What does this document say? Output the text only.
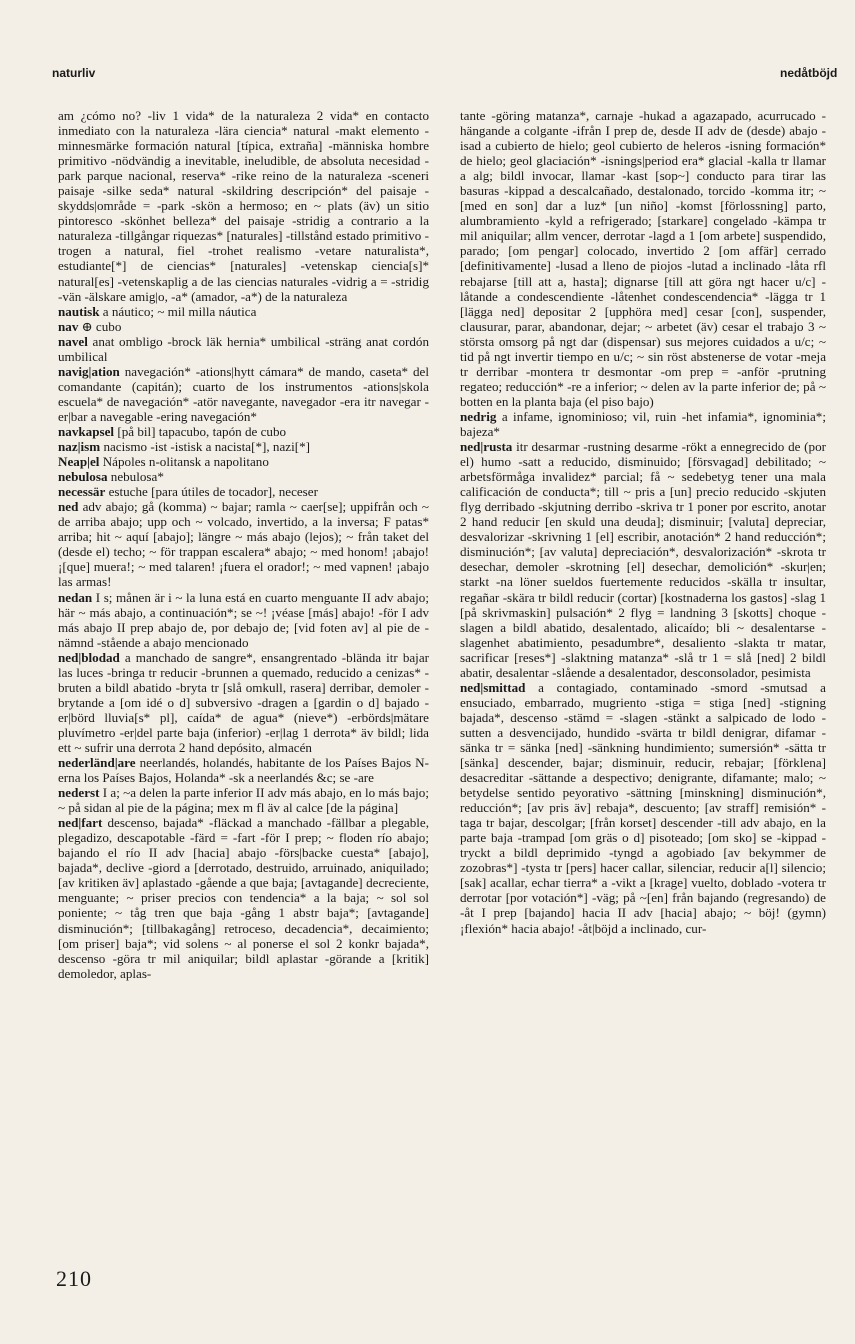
naturliv	nedåtböjd

am ¿cómo no? -liv 1 vida* de la naturaleza 2 vida* en contacto inmediato con la naturaleza -lära ciencia* natural -makt elemento -minnesmärke formación natural [típica, extraña] -människa hombre primitivo -nödvändig a inevitable, ineludible, de absoluta necesidad -park parque nacional, reserva* -rike reino de la naturaleza -sceneri paisaje -silke seda* natural -skildring descripción* del paisaje -skydds|område = -park -skön a hermoso; en ~ plats (äv) un sitio pintoresco -skönhet belleza* del paisaje -stridig a contrario a la naturaleza -tillgångar riquezas* [naturales] -tillstånd estado primitivo -trogen a natural, fiel -trohet realismo -vetare naturalista*, estudiante[*] de ciencias* [naturales] -vetenskap ciencia[s]* natural[es] -vetenskaplig a de las ciencias naturales -vidrig a = -stridig -vän -älskare amig|o, -a* (amador, -a*) de la naturaleza

nautisk a náutico; ~ mil milla náutica

nav ⊕ cubo

navel anat ombligo -brock läk hernia* umbilical -sträng anat cordón umbilical

navig|ation navegación* -ations|hytt cámara* de mando, caseta* del comandante (capitán); cuarto de los instrumentos -ations|skola escuela* de navegación* -atör navegante, navegador -era itr navegar -er|bar a navegable -ering navegación*

navkapsel [på bil] tapacubo, tapón de cubo

naz|ism nacismo -ist -istisk a nacista[*], nazi[*]

Neap|el Nápoles n-olitansk a napolitano

nebulosa nebulosa*

necessär estuche [para útiles de tocador], neceser

ned adv abajo; gå (komma) ~ bajar; ramla ~ caer[se]; uppifrån och ~ de arriba abajo; upp och ~ volcado, invertido, a la inversa; F patas* arriba; hit ~ aquí [abajo]; längre ~ más abajo (lejos); ~ från taket del (desde el) techo; ~ för trappan escalera* abajo; ~ med honom! ¡abajo! ¡[que] muera!; ~ med talaren! ¡fuera el orador!; ~ med vapnen! ¡abajo las armas!

nedan I s; månen är i ~ la luna está en cuarto menguante II adv abajo; här ~ más abajo, a continuación*; se ~! ¡véase [más] abajo! -för I adv más abajo II prep abajo de, por debajo de; [vid foten av] al pie de -nämnd -stående a abajo mencionado

ned|blodad a manchado de sangre*, ensangrentado -blända itr bajar las luces -bringa tr reducir -brunnen a quemado, reducido a cenizas* -bruten a bildl abatido -bryta tr [slå omkull, rasera] derribar, demoler -brytande a [om idé o d] subversivo -dragen a [gardin o d] bajado -er|börd lluvia[s* pl], caída* de agua* (nieve*) -erbörds|mätare pluvímetro -er|del parte baja (inferior) -er|lag 1 derrota* äv bildl; lida ett ~ sufrir una derrota 2 hand depósito, almacén

nederländ|are neerlandés, holandés, habitante de los Países Bajos N-erna los Países Bajos, Holanda* -sk a neerlandés &c; se -are

nederst I a; ~a delen la parte inferior II adv más abajo, en lo más bajo; ~ på sidan al pie de la página; mex m fl äv al calce [de la página]

ned|fart descenso, bajada* -fläckad a manchado -fällbar a plegable, plegadizo, descapotable -färd = -fart -för I prep; ~ floden río abajo; bajando el río II adv [hacia] abajo -förs|backe cuesta* [abajo], bajada*, declive -giord a [derrotado, destruido, arruinado, aniquilado; [av kritiken äv] aplastado -gående a que baja; [avtagande] decreciente, menguante; ~ priser precios con tendencia* a la baja; ~ sol sol poniente; ~ tåg tren que baja -gång 1 abstr baja*; [avtagande] disminución*; [tillbakagång] retroceso, decadencia*, decaimiento; [om priser] baja*; vid solens ~ al ponerse el sol 2 konkr bajada*, descenso -göra tr mil aniquilar; bildl aplastar -görande a [kritik] demoledor, aplas-

tante -göring matanza*, carnaje -hukad a agazapado, acurrucado -hängande a colgante -ifrån I prep de, desde II adv de (desde) abajo -isad a cubierto de hielo; geol cubierto de heleros -isning formación* de hielo; geol glaciación* -isnings|period era* glacial -kalla tr llamar a alg; bildl invocar, llamar -kast [sop~] conducto para tirar las basuras -kippad a descalcañado, destalonado, torcido -komma itr; ~ [med en son] dar a luz* [un niño] -komst [förlossning] parto, alumbramiento -kyld a refrigerado; [starkare] congelado -kämpa tr mil aniquilar; allm vencer, derrotar -lagd a 1 [om arbete] suspendido, parado; [om pengar] colocado, invertido 2 [om affär] cerrado [definitivamente] -lusad a lleno de piojos -lutad a inclinado -låta rfl rebajarse [till att a, hasta]; dignarse [till att göra ngt hacer u/c] -låtande a condescendiente -låtenhet condescendencia* -lägga tr 1 [lägga ned] depositar 2 [upphöra med] cesar [con], suspender, clausurar, parar, abandonar, dejar; ~ arbetet (äv) cesar el trabajo 3 ~ största omsorg på ngt dar (dispensar) sus mejores cuidados a u/c; ~ tid på ngt invertir tiempo en u/c; ~ sin röst abstenerse de votar -meja tr derribar -montera tr desmontar -om prep = -anför -prutning regateo; reducción* -re a inferior; ~ delen av la parte inferior de; på ~ botten en la planta baja (el piso bajo)

nedrig a infame, ignominioso; vil, ruin -het infamia*, ignominia*; bajeza*

ned|rusta itr desarmar -rustning desarme -rökt a ennegrecido de (por el) humo -satt a reducido, disminuido; [försvagad] debilitado; ~ arbetsförmåga invalidez* parcial; få ~ sedebetyg tener una mala calificación de conducta*; till ~ pris a [un] precio reducido -skjuten flyg derribado -skjutning derribo -skriva tr 1 poner por escrito, anotar 2 hand reducir [en skuld una deuda]; disminuir; [valuta] depreciar, desvalorizar -skrivning 1 [el] escribir, anotación* 2 hand reducción*; disminución*; [av valuta] depreciación*, desvalorización* -skrota tr desechar, demoler -skrotning [el] desechar, demolición* -skur|en; starkt -na löner sueldos fuertemente reducidos -skälla tr insultar, regañar -skära tr bildl reducir (cortar) [kostnaderna los gastos] -slag 1 [på skrivmaskin] pulsación* 2 flyg = landning 3 [skotts] choque -slagen a bildl abatido, desalentado, alicaído; bli ~ desalentarse -slagenhet abatimiento, pesadumbre*, desaliento -slakta tr matar, sacrificar [reses*] -slaktning matanza* -slå tr 1 = slå [ned] 2 bildl abatir, desalentar -slående a desalentador, desconsolador, pesimista

ned|smittad a contagiado, contaminado -smord -smutsad a ensuciado, embarrado, mugriento -stiga = stiga [ned] -stigning bajada*, descenso -stämd = -slagen -stänkt a salpicado de lodo -sutten a desvencijado, hundido -svärta tr bildl denigrar, difamar -sänka tr = sänka [ned] -sänkning hundimiento; sumersión* -sätta tr [sänka] descender, bajar; disminuir, reducir, rebajar; [förklena] desacreditar -sättande a despectivo; denigrante, difamante; malo; ~ betydelse sentido peyorativo -sättning [minskning] disminución*, reducción*; [av pris äv] rebaja*, descuento; [av straff] remisión* -taga tr bajar, descolgar; [från korset] descender -till adv abajo, en la parte baja -trampad [om gräs o d] pisoteado; [om sko] se -kippad -tryckt a bildl deprimido -tyngd a agobiado [av bekymmer de zozobras*] -tysta tr [pers] hacer callar, silenciar, reducir a[l] silencio; [sak] acallar, echar tierra* a -vikt a [krage] vuelto, doblado -votera tr derrotar [por votación*] -väg; på ~[en] från bajando (regresando) de -åt I prep [bajando] hacia II adv [hacia] abajo; ~ böj! (gymn) ¡flexión* hacia abajo! -åt|böjd a inclinado, cur-

210
